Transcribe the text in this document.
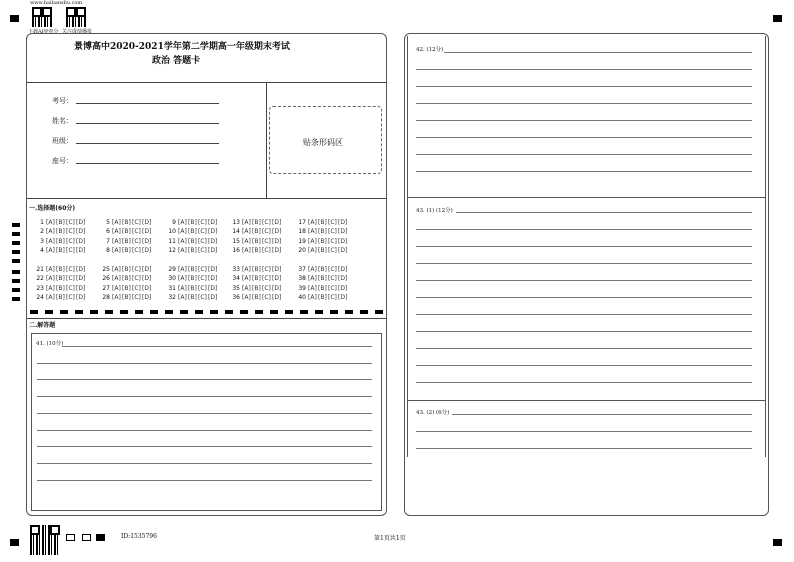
www.baibanshu.com
下载APP查分 关注成绩播报
景博高中2020-2021学年第二学期高一年级期末考试
政治 答题卡
考号：
姓名：
班级：
座号：
贴条形码区
一.选择题(60分)
1 [A][B][C][D]
2 [A][B][C][D]
3 [A][B][C][D]
4 [A][B][C][D]
5 [A][B][C][D]
6 [A][B][C][D]
7 [A][B][C][D]
8 [A][B][C][D]
9 [A][B][C][D]
10 [A][B][C][D]
11 [A][B][C][D]
12 [A][B][C][D]
13 [A][B][C][D]
14 [A][B][C][D]
15 [A][B][C][D]
16 [A][B][C][D]
17 [A][B][C][D]
18 [A][B][C][D]
19 [A][B][C][D]
20 [A][B][C][D]
21 [A][B][C][D]
22 [A][B][C][D]
23 [A][B][C][D]
24 [A][B][C][D]
25 [A][B][C][D]
26 [A][B][C][D]
27 [A][B][C][D]
28 [A][B][C][D]
29 [A][B][C][D]
30 [A][B][C][D]
31 [A][B][C][D]
32 [A][B][C][D]
33 [A][B][C][D]
34 [A][B][C][D]
35 [A][B][C][D]
36 [A][B][C][D]
37 [A][B][C][D]
38 [A][B][C][D]
39 [A][B][C][D]
40 [A][B][C][D]
二.解答题
41. (10分)
42. (12分)
43. (1) (12分)
43. (2) (6分)
ID:1535796	第1页共1页
